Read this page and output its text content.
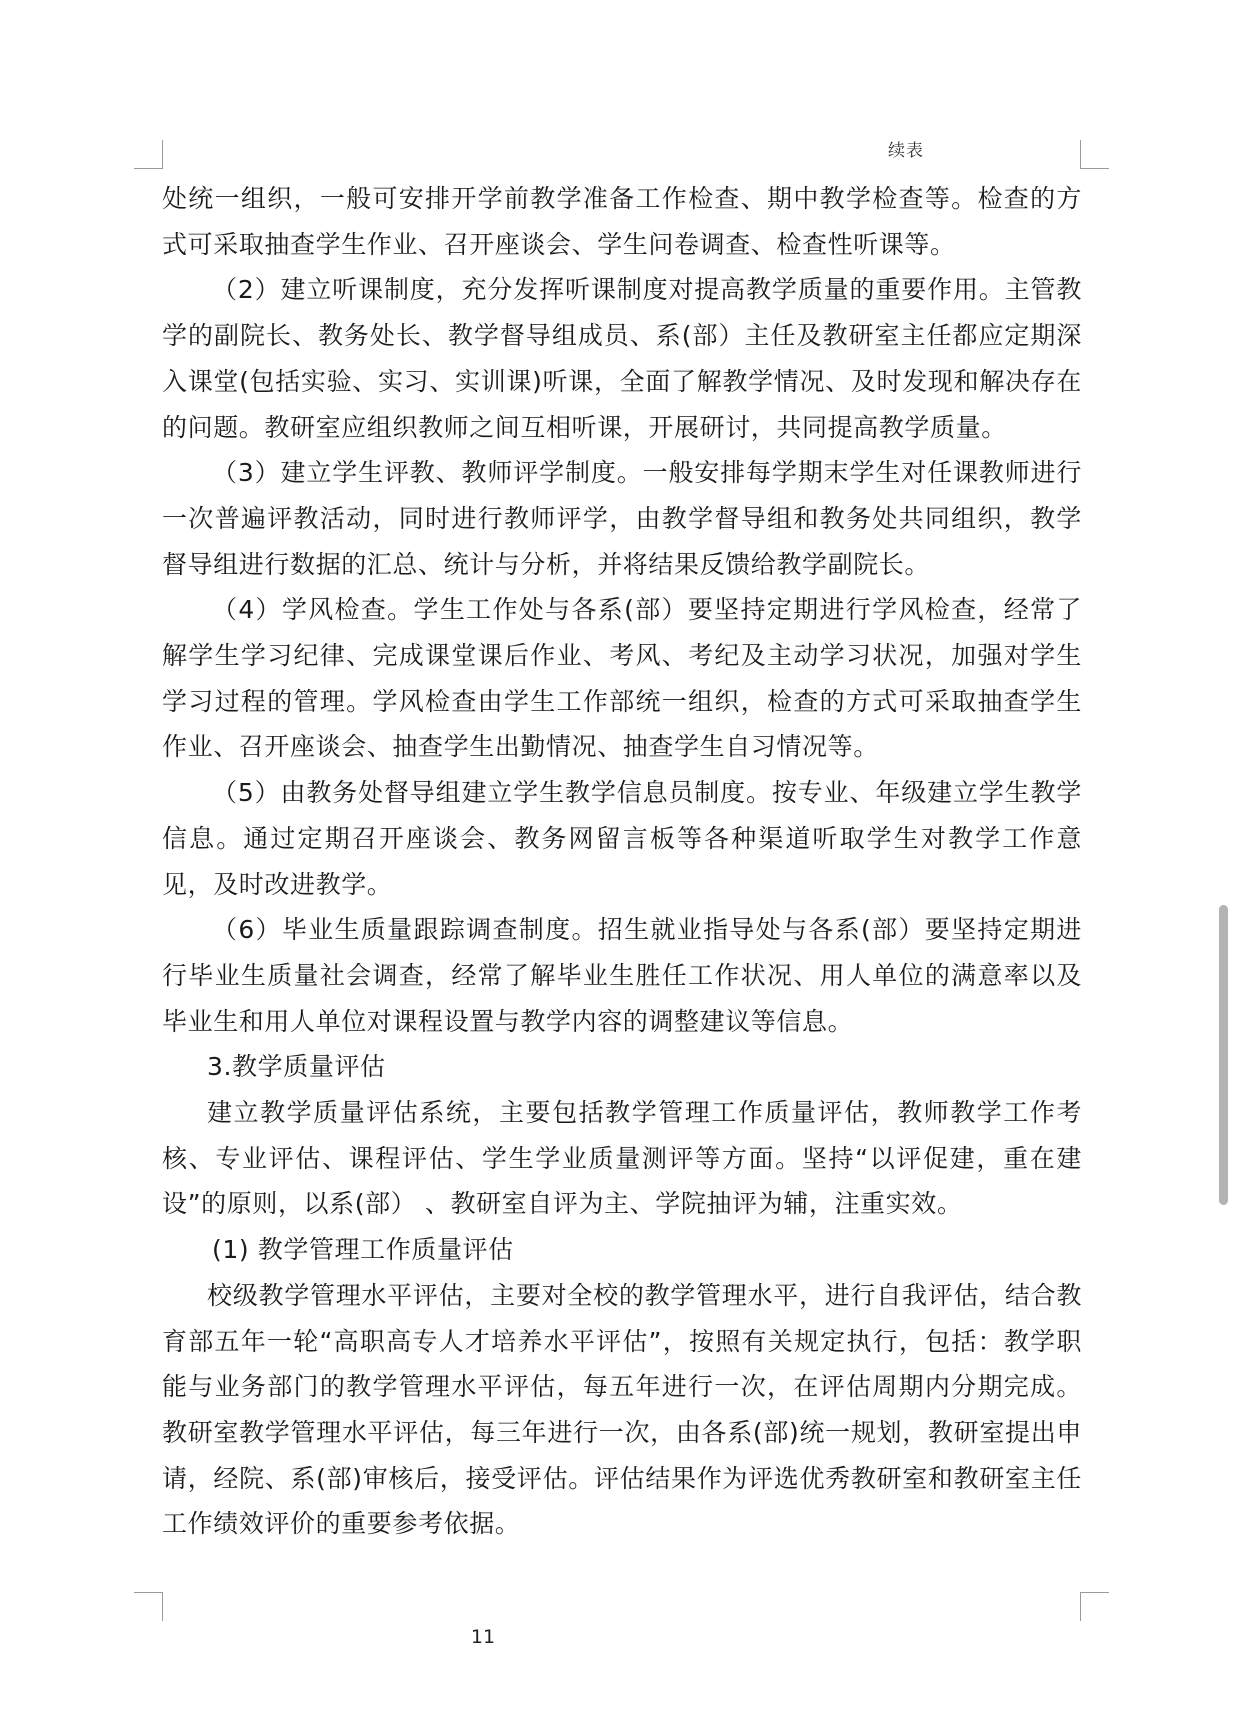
续表

处统一组织，一般可安排开学前教学准备工作检查、期中教学检查等。检查的方式可采取抽查学生作业、召开座谈会、学生问卷调查、检查性听课等。

（2）建立听课制度，充分发挥听课制度对提高教学质量的重要作用。主管教学的副院长、教务处长、教学督导组成员、系(部）主任及教研室主任都应定期深入课堂(包括实验、实习、实训课)听课，全面了解教学情况、及时发现和解决存在的问题。教研室应组织教师之间互相听课，开展研讨，共同提高教学质量。

（3）建立学生评教、教师评学制度。一般安排每学期末学生对任课教师进行一次普遍评教活动，同时进行教师评学，由教学督导组和教务处共同组织，教学督导组进行数据的汇总、统计与分析，并将结果反馈给教学副院长。

（4）学风检查。学生工作处与各系(部）要坚持定期进行学风检查，经常了解学生学习纪律、完成课堂课后作业、考风、考纪及主动学习状况，加强对学生学习过程的管理。学风检查由学生工作部统一组织，检查的方式可采取抽查学生作业、召开座谈会、抽查学生出勤情况、抽查学生自习情况等。

（5）由教务处督导组建立学生教学信息员制度。按专业、年级建立学生教学信息。通过定期召开座谈会、教务网留言板等各种渠道听取学生对教学工作意见，及时改进教学。

（6）毕业生质量跟踪调查制度。招生就业指导处与各系(部）要坚持定期进行毕业生质量社会调查，经常了解毕业生胜任工作状况、用人单位的满意率以及毕业生和用人单位对课程设置与教学内容的调整建议等信息。

3.教学质量评估

建立教学质量评估系统，主要包括教学管理工作质量评估，教师教学工作考核、专业评估、课程评估、学生学业质量测评等方面。坚持“以评促建，重在建设”的原则，以系(部） 、教研室自评为主、学院抽评为辅，注重实效。

(1) 教学管理工作质量评估

校级教学管理水平评估，主要对全校的教学管理水平，进行自我评估，结合教育部五年一轮“高职高专人才培养水平评估”，按照有关规定执行，包括：教学职能与业务部门的教学管理水平评估，每五年进行一次，在评估周期内分期完成。教研室教学管理水平评估，每三年进行一次，由各系(部)统一规划，教研室提出申请，经院、系(部)审核后，接受评估。评估结果作为评选优秀教研室和教研室主任工作绩效评价的重要参考依据。

11
